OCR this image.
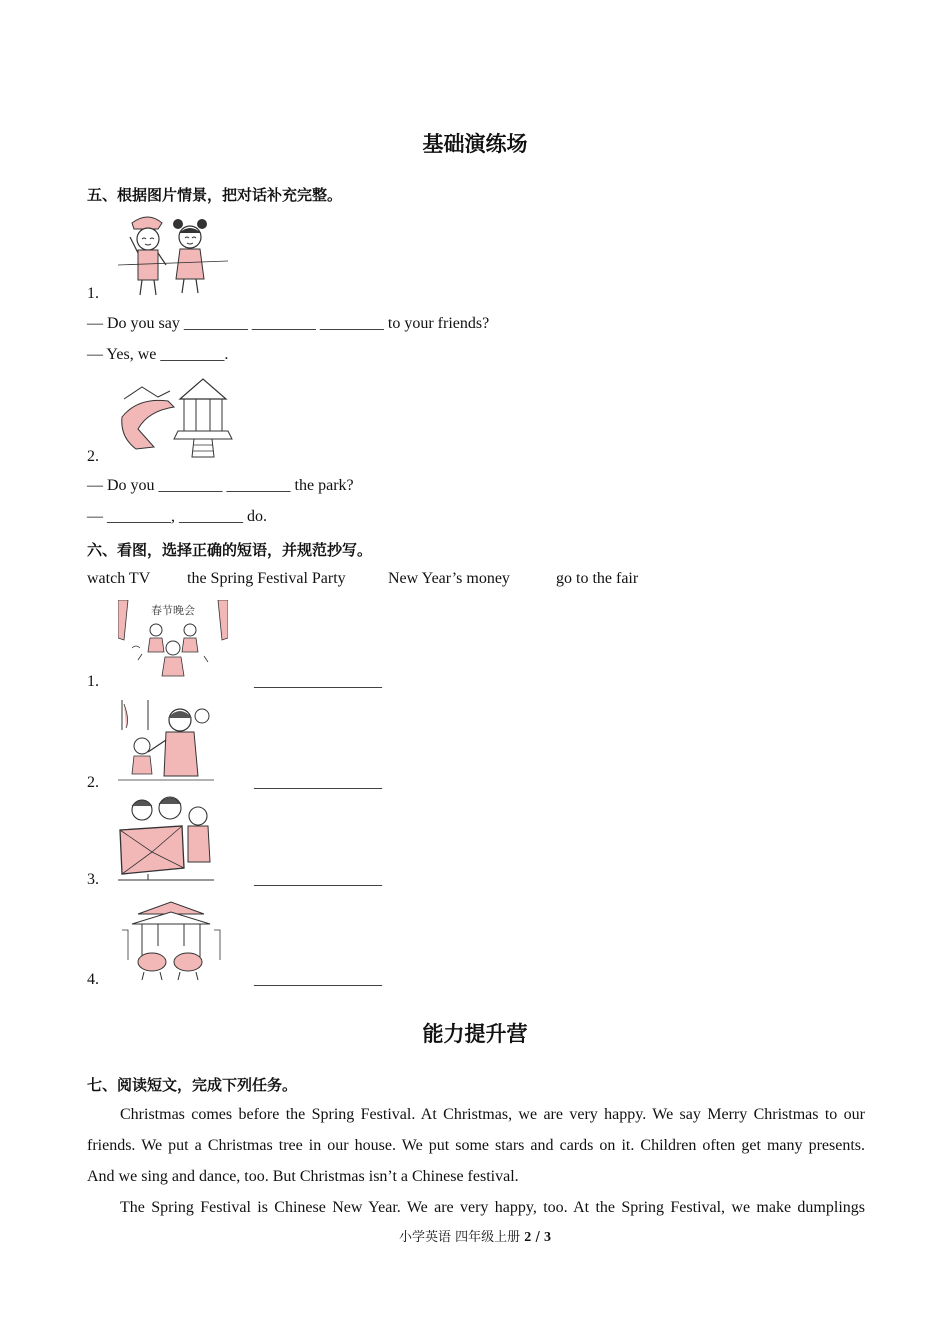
基础演练场
五、根据图片情景，把对话补充完整。
1.
— Do you say ________ ________ ________ to your friends?
— Yes, we ________.
2.
— Do you ________ ________ the park?
— ________, ________ do.
六、看图，选择正确的短语，并规范抄写。
watch TV the Spring Festival Party	New Year’s money	go to the fair
春节晚会
1.	________________
2.	________________
3.	________________
4.	________________
能力提升营
七、阅读短文，完成下列任务。
Christmas comes before the Spring Festival. At Christmas, we are very happy. We say Merry Christmas to our
friends. We put a Christmas tree in our house. We put some stars and cards on it. Children often get many presents.
And we sing and dance, too. But Christmas isn’t a Chinese festival.
The Spring Festival is Chinese New Year. We are very happy, too. At the Spring Festival, we make dumplings
小学英语 四年级上册 2 / 3
